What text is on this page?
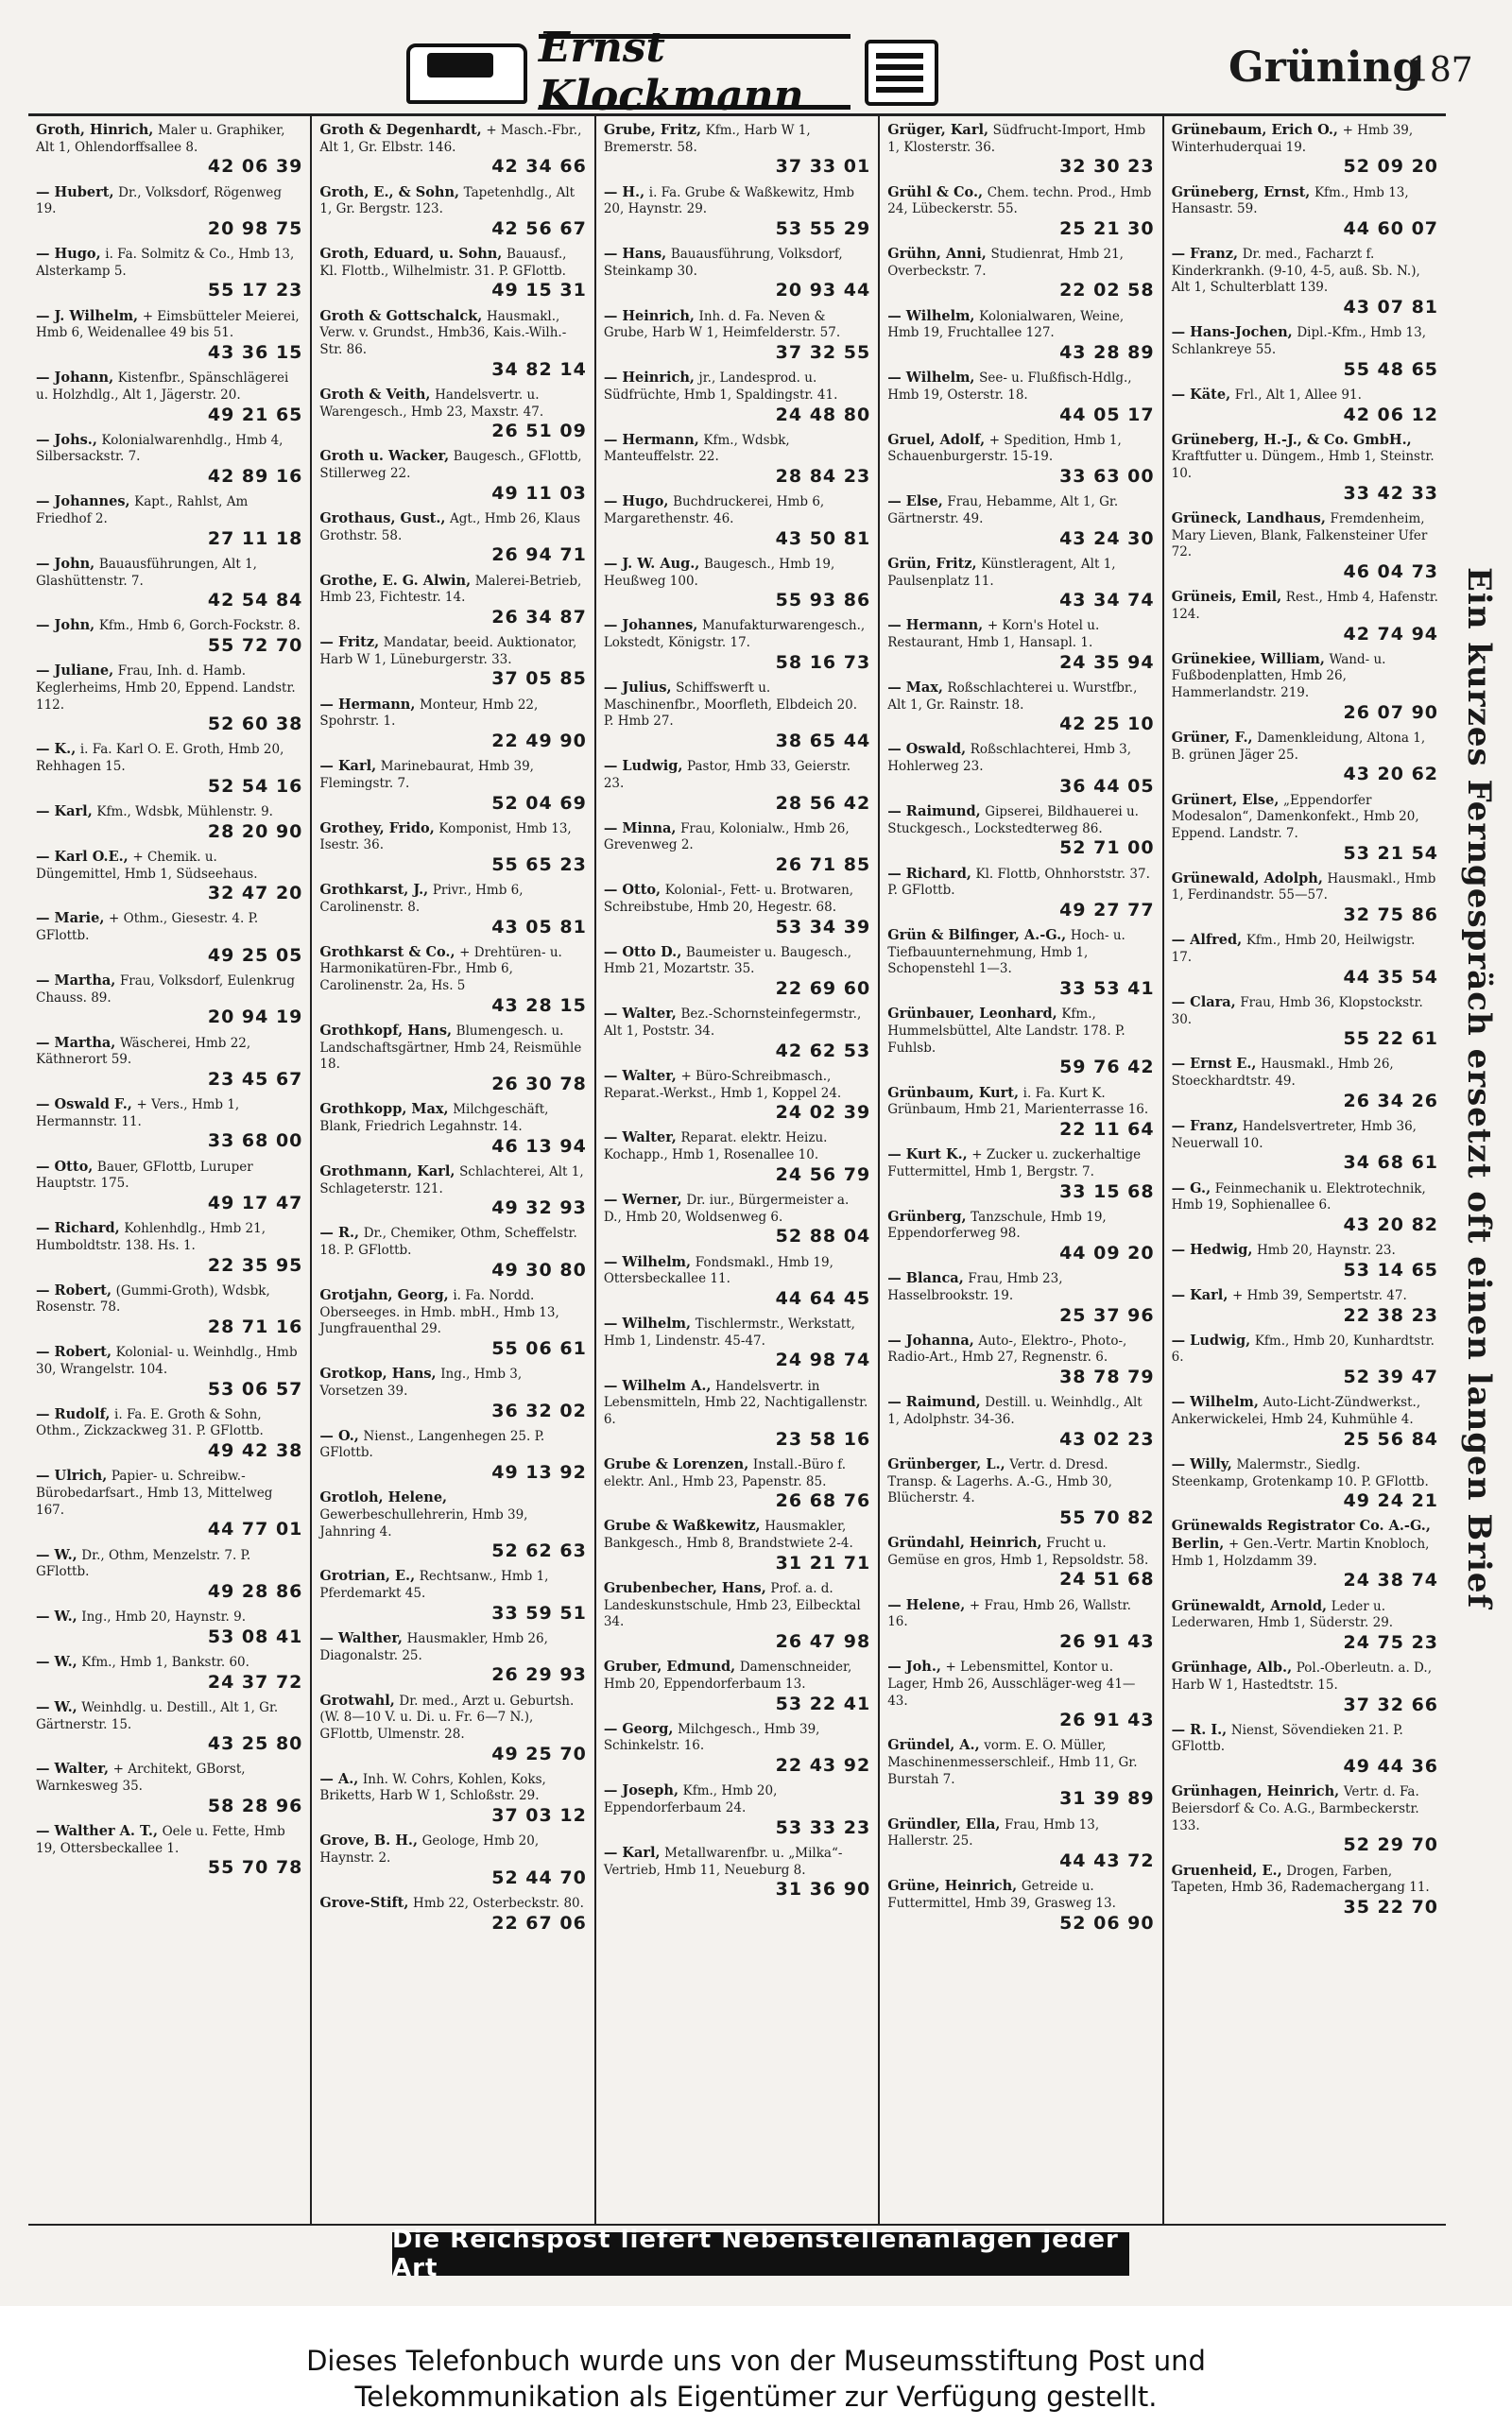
Ernst Klockmann
Grüning
187
Groth, Hinrich, Maler u. Graphiker, Alt 1, Ohlendorffsallee 8.
42 06 39
— Hubert, Dr., Volksdorf, Rögenweg 19.
20 98 75
— Hugo, i. Fa. Solmitz & Co., Hmb 13, Alsterkamp 5.
55 17 23
— J. Wilhelm, + Eimsbütteler Meierei, Hmb 6, Weidenallee 49 bis 51.
43 36 15
— Johann, Kistenfbr., Spänschlägerei u. Holzhdlg., Alt 1, Jägerstr. 20.
49 21 65
— Johs., Kolonialwarenhdlg., Hmb 4, Silbersackstr. 7.
42 89 16
— Johannes, Kapt., Rahlst, Am Friedhof 2.
27 11 18
— John, Bauausführungen, Alt 1, Glashüttenstr. 7.
42 54 84
— John, Kfm., Hmb 6, Gorch-Fockstr. 8.
55 72 70
— Juliane, Frau, Inh. d. Hamb. Keglerheims, Hmb 20, Eppend. Landstr. 112.
52 60 38
— K., i. Fa. Karl O. E. Groth, Hmb 20, Rehhagen 15.
52 54 16
— Karl, Kfm., Wdsbk, Mühlenstr. 9.
28 20 90
— Karl O.E., + Chemik. u. Düngemittel, Hmb 1, Südseehaus.
32 47 20
— Marie, + Othm., Giesestr. 4. P. GFlottb.
49 25 05
— Martha, Frau, Volksdorf, Eulenkrug Chauss. 89.
20 94 19
— Martha, Wäscherei, Hmb 22, Käthnerort 59.
23 45 67
— Oswald F., + Vers., Hmb 1, Hermannstr. 11.
33 68 00
— Otto, Bauer, GFlottb, Luruper Hauptstr. 175.
49 17 47
— Richard, Kohlenhdlg., Hmb 21, Humboldtstr. 138. Hs. 1.
22 35 95
— Robert, (Gummi-Groth), Wdsbk, Rosenstr. 78.
28 71 16
— Robert, Kolonial- u. Weinhdlg., Hmb 30, Wrangelstr. 104.
53 06 57
— Rudolf, i. Fa. E. Groth & Sohn, Othm., Zickzackweg 31. P. GFlottb.
49 42 38
— Ulrich, Papier- u. Schreibw.-Bürobedarfsart., Hmb 13, Mittelweg 167.
44 77 01
— W., Dr., Othm, Menzelstr. 7. P. GFlottb.
49 28 86
— W., Ing., Hmb 20, Haynstr. 9.
53 08 41
— W., Kfm., Hmb 1, Bankstr. 60.
24 37 72
— W., Weinhdlg. u. Destill., Alt 1, Gr. Gärtnerstr. 15.
43 25 80
— Walter, + Architekt, GBorst, Warnkesweg 35.
58 28 96
— Walther A. T., Oele u. Fette, Hmb 19, Ottersbeckallee 1.
55 70 78
Groth & Degenhardt, + Masch.-Fbr., Alt 1, Gr. Elbstr. 146.
42 34 66
Groth, E., & Sohn, Tapetenhdlg., Alt 1, Gr. Bergstr. 123.
42 56 67
Groth, Eduard, u. Sohn, Bauausf., Kl. Flottb., Wilhelmistr. 31. P. GFlottb.
49 15 31
Groth & Gottschalck, Hausmakl., Verw. v. Grundst., Hmb36, Kais.-Wilh.-Str. 86.
34 82 14
Groth & Veith, Handelsvertr. u. Warengesch., Hmb 23, Maxstr. 47.
26 51 09
Groth u. Wacker, Baugesch., GFlottb, Stillerweg 22.
49 11 03
Grothaus, Gust., Agt., Hmb 26, Klaus Grothstr. 58.
26 94 71
Grothe, E. G. Alwin, Malerei-Betrieb, Hmb 23, Fichtestr. 14.
26 34 87
— Fritz, Mandatar, beeid. Auktionator, Harb W 1, Lüneburgerstr. 33.
37 05 85
— Hermann, Monteur, Hmb 22, Spohrstr. 1.
22 49 90
— Karl, Marinebaurat, Hmb 39, Flemingstr. 7.
52 04 69
Grothey, Frido, Komponist, Hmb 13, Isestr. 36.
55 65 23
Grothkarst, J., Privr., Hmb 6, Carolinenstr. 8.
43 05 81
Grothkarst & Co., + Drehtüren- u. Harmonikatüren-Fbr., Hmb 6, Carolinenstr. 2a, Hs. 5
43 28 15
Grothkopf, Hans, Blumengesch. u. Landschaftsgärtner, Hmb 24, Reismühle 18.
26 30 78
Grothkopp, Max, Milchgeschäft, Blank, Friedrich Legahnstr. 14.
46 13 94
Grothmann, Karl, Schlachterei, Alt 1, Schlageterstr. 121.
49 32 93
— R., Dr., Chemiker, Othm, Scheffelstr. 18. P. GFlottb.
49 30 80
Grotjahn, Georg, i. Fa. Nordd. Oberseeges. in Hmb. mbH., Hmb 13, Jungfrauenthal 29.
55 06 61
Grotkop, Hans, Ing., Hmb 3, Vorsetzen 39.
36 32 02
— O., Nienst., Langenhegen 25. P. GFlottb.
49 13 92
Grotloh, Helene, Gewerbeschullehrerin, Hmb 39, Jahnring 4.
52 62 63
Grotrian, E., Rechtsanw., Hmb 1, Pferdemarkt 45.
33 59 51
— Walther, Hausmakler, Hmb 26, Diagonalstr. 25.
26 29 93
Grotwahl, Dr. med., Arzt u. Geburtsh. (W. 8—10 V. u. Di. u. Fr. 6—7 N.), GFlottb, Ulmenstr. 28.
49 25 70
— A., Inh. W. Cohrs, Kohlen, Koks, Briketts, Harb W 1, Schloßstr. 29.
37 03 12
Grove, B. H., Geologe, Hmb 20, Haynstr. 2.
52 44 70
Grove-Stift, Hmb 22, Osterbeckstr. 80.
22 67 06
Grube, Fritz, Kfm., Harb W 1, Bremerstr. 58.
37 33 01
— H., i. Fa. Grube & Waßkewitz, Hmb 20, Haynstr. 29.
53 55 29
— Hans, Bauausführung, Volksdorf, Steinkamp 30.
20 93 44
— Heinrich, Inh. d. Fa. Neven & Grube, Harb W 1, Heimfelderstr. 57.
37 32 55
— Heinrich, jr., Landesprod. u. Südfrüchte, Hmb 1, Spaldingstr. 41.
24 48 80
— Hermann, Kfm., Wdsbk, Manteuffelstr. 22.
28 84 23
— Hugo, Buchdruckerei, Hmb 6, Margarethenstr. 46.
43 50 81
— J. W. Aug., Baugesch., Hmb 19, Heußweg 100.
55 93 86
— Johannes, Manufakturwarengesch., Lokstedt, Königstr. 17.
58 16 73
— Julius, Schiffswerft u. Maschinenfbr., Moorfleth, Elbdeich 20. P. Hmb 27.
38 65 44
— Ludwig, Pastor, Hmb 33, Geierstr. 23.
28 56 42
— Minna, Frau, Kolonialw., Hmb 26, Grevenweg 2.
26 71 85
— Otto, Kolonial-, Fett- u. Brotwaren, Schreibstube, Hmb 20, Hegestr. 68.
53 34 39
— Otto D., Baumeister u. Baugesch., Hmb 21, Mozartstr. 35.
22 69 60
— Walter, Bez.-Schornsteinfegermstr., Alt 1, Poststr. 34.
42 62 53
— Walter, + Büro-Schreibmasch., Reparat.-Werkst., Hmb 1, Koppel 24.
24 02 39
— Walter, Reparat. elektr. Heizu. Kochapp., Hmb 1, Rosenallee 10.
24 56 79
— Werner, Dr. iur., Bürgermeister a. D., Hmb 20, Woldsenweg 6.
52 88 04
— Wilhelm, Fondsmakl., Hmb 19, Ottersbeckallee 11.
44 64 45
— Wilhelm, Tischlermstr., Werkstatt, Hmb 1, Lindenstr. 45-47.
24 98 74
— Wilhelm A., Handelsvertr. in Lebensmitteln, Hmb 22, Nachtigallenstr. 6.
23 58 16
Grube & Lorenzen, Install.-Büro f. elektr. Anl., Hmb 23, Papenstr. 85.
26 68 76
Grube & Waßkewitz, Hausmakler, Bankgesch., Hmb 8, Brandstwiete 2-4.
31 21 71
Grubenbecher, Hans, Prof. a. d. Landeskunstschule, Hmb 23, Eilbecktal 34.
26 47 98
Gruber, Edmund, Damenschneider, Hmb 20, Eppendorferbaum 13.
53 22 41
— Georg, Milchgesch., Hmb 39, Schinkelstr. 16.
22 43 92
— Joseph, Kfm., Hmb 20, Eppendorferbaum 24.
53 33 23
— Karl, Metallwarenfbr. u. „Milka“-Vertrieb, Hmb 11, Neueburg 8.
31 36 90
Grüger, Karl, Südfrucht-Import, Hmb 1, Klosterstr. 36.
32 30 23
Grühl & Co., Chem. techn. Prod., Hmb 24, Lübeckerstr. 55.
25 21 30
Grühn, Anni, Studienrat, Hmb 21, Overbeckstr. 7.
22 02 58
— Wilhelm, Kolonialwaren, Weine, Hmb 19, Fruchtallee 127.
43 28 89
— Wilhelm, See- u. Flußfisch-Hdlg., Hmb 19, Osterstr. 18.
44 05 17
Gruel, Adolf, + Spedition, Hmb 1, Schauenburgerstr. 15-19.
33 63 00
— Else, Frau, Hebamme, Alt 1, Gr. Gärtnerstr. 49.
43 24 30
Grün, Fritz, Künstleragent, Alt 1, Paulsenplatz 11.
43 34 74
— Hermann, + Korn's Hotel u. Restaurant, Hmb 1, Hansapl. 1.
24 35 94
— Max, Roßschlachterei u. Wurstfbr., Alt 1, Gr. Rainstr. 18.
42 25 10
— Oswald, Roßschlachterei, Hmb 3, Hohlerweg 23.
36 44 05
— Raimund, Gipserei, Bildhauerei u. Stuckgesch., Lockstedterweg 86.
52 71 00
— Richard, Kl. Flottb, Ohnhorststr. 37. P. GFlottb.
49 27 77
Grün & Bilfinger, A.-G., Hoch- u. Tiefbauunternehmung, Hmb 1, Schopenstehl 1—3.
33 53 41
Grünbauer, Leonhard, Kfm., Hummelsbüttel, Alte Landstr. 178. P. Fuhlsb.
59 76 42
Grünbaum, Kurt, i. Fa. Kurt K. Grünbaum, Hmb 21, Marienterrasse 16.
22 11 64
— Kurt K., + Zucker u. zuckerhaltige Futtermittel, Hmb 1, Bergstr. 7.
33 15 68
Grünberg, Tanzschule, Hmb 19, Eppendorferweg 98.
44 09 20
— Blanca, Frau, Hmb 23, Hasselbrookstr. 19.
25 37 96
— Johanna, Auto-, Elektro-, Photo-, Radio-Art., Hmb 27, Regnenstr. 6.
38 78 79
— Raimund, Destill. u. Weinhdlg., Alt 1, Adolphstr. 34-36.
43 02 23
Grünberger, L., Vertr. d. Dresd. Transp. & Lagerhs. A.-G., Hmb 30, Blücherstr. 4.
55 70 82
Gründahl, Heinrich, Frucht u. Gemüse en gros, Hmb 1, Repsoldstr. 58.
24 51 68
— Helene, + Frau, Hmb 26, Wallstr. 16.
26 91 43
— Joh., + Lebensmittel, Kontor u. Lager, Hmb 26, Ausschläger-weg 41—43.
26 91 43
Gründel, A., vorm. E. O. Müller, Maschinenmesserschleif., Hmb 11, Gr. Burstah 7.
31 39 89
Gründler, Ella, Frau, Hmb 13, Hallerstr. 25.
44 43 72
Grüne, Heinrich, Getreide u. Futtermittel, Hmb 39, Grasweg 13.
52 06 90
Grünebaum, Erich O., + Hmb 39, Winterhuderquai 19.
52 09 20
Grüneberg, Ernst, Kfm., Hmb 13, Hansastr. 59.
44 60 07
— Franz, Dr. med., Facharzt f. Kinderkrankh. (9-10, 4-5, auß. Sb. N.), Alt 1, Schulterblatt 139.
43 07 81
— Hans-Jochen, Dipl.-Kfm., Hmb 13, Schlankreye 55.
55 48 65
— Käte, Frl., Alt 1, Allee 91.
42 06 12
Grüneberg, H.-J., & Co. GmbH., Kraftfutter u. Düngem., Hmb 1, Steinstr. 10.
33 42 33
Grüneck, Landhaus, Fremdenheim, Mary Lieven, Blank, Falkensteiner Ufer 72.
46 04 73
Grüneis, Emil, Rest., Hmb 4, Hafenstr. 124.
42 74 94
Grünekiee, William, Wand- u. Fußbodenplatten, Hmb 26, Hammerlandstr. 219.
26 07 90
Grüner, F., Damenkleidung, Altona 1, B. grünen Jäger 25.
43 20 62
Grünert, Else, „Eppendorfer Modesalon“, Damenkonfekt., Hmb 20, Eppend. Landstr. 7.
53 21 54
Grünewald, Adolph, Hausmakl., Hmb 1, Ferdinandstr. 55—57.
32 75 86
— Alfred, Kfm., Hmb 20, Heilwigstr. 17.
44 35 54
— Clara, Frau, Hmb 36, Klopstockstr. 30.
55 22 61
— Ernst E., Hausmakl., Hmb 26, Stoeckhardtstr. 49.
26 34 26
— Franz, Handelsvertreter, Hmb 36, Neuerwall 10.
34 68 61
— G., Feinmechanik u. Elektrotechnik, Hmb 19, Sophienallee 6.
43 20 82
— Hedwig, Hmb 20, Haynstr. 23.
53 14 65
— Karl, + Hmb 39, Sempertstr. 47.
22 38 23
— Ludwig, Kfm., Hmb 20, Kunhardtstr. 6.
52 39 47
— Wilhelm, Auto-Licht-Zündwerkst., Ankerwickelei, Hmb 24, Kuhmühle 4.
25 56 84
— Willy, Malermstr., Siedlg. Steenkamp, Grotenkamp 10. P. GFlottb.
49 24 21
Grünewalds Registrator Co. A.-G., Berlin, + Gen.-Vertr. Martin Knobloch, Hmb 1, Holzdamm 39.
24 38 74
Grünewaldt, Arnold, Leder u. Lederwaren, Hmb 1, Süderstr. 29.
24 75 23
Grünhage, Alb., Pol.-Oberleutn. a. D., Harb W 1, Hastedtstr. 15.
37 32 66
— R. I., Nienst, Sövendieken 21. P. GFlottb.
49 44 36
Grünhagen, Heinrich, Vertr. d. Fa. Beiersdorf & Co. A.G., Barmbeckerstr. 133.
52 29 70
Gruenheid, E., Drogen, Farben, Tapeten, Hmb 36, Rademachergang 11.
35 22 70
Ein kurzes Ferngespräch ersetzt oft einen langen Brief
Die Reichspost liefert Nebenstellenanlagen jeder Art
Dieses Telefonbuch wurde uns von der Museumsstiftung Post und
Telekommunikation als Eigentümer zur Verfügung gestellt.
